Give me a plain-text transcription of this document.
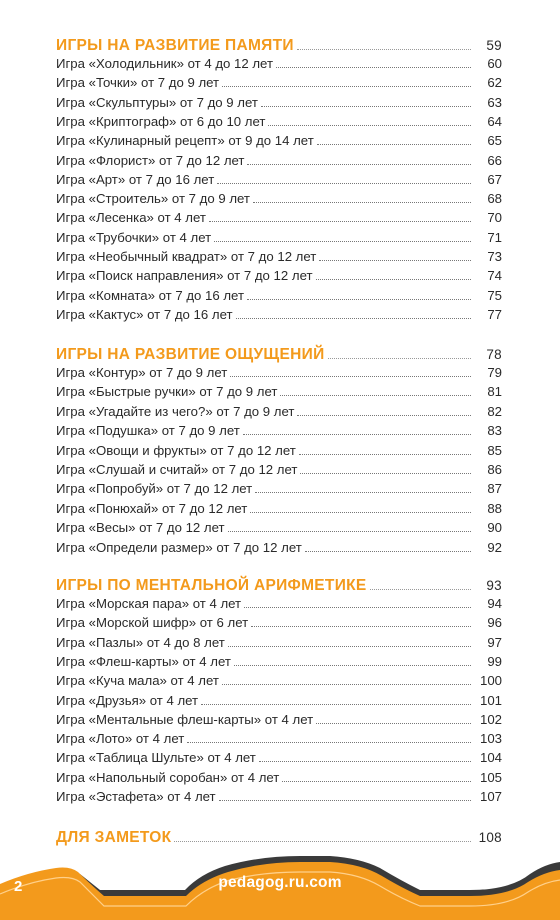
ИГРЫ НА РАЗВИТИЕ ПАМЯТИ	59
Игра «Холодильник» от 4 до 12 лет	60
Игра «Точки» от 7 до 9 лет	62
Игра «Скульптуры» от 7 до 9 лет	63
Игра «Криптограф» от 6 до 10 лет	64
Игра «Кулинарный рецепт» от 9 до 14 лет	65
Игра «Флорист» от 7 до 12 лет	66
Игра «Арт» от 7 до 16 лет	67
Игра «Строитель» от 7 до 9 лет	68
Игра «Лесенка» от 4 лет	70
Игра «Трубочки» от 4 лет	71
Игра «Необычный квадрат» от 7 до 12 лет	73
Игра «Поиск направления» от 7 до 12 лет	74
Игра «Комната» от 7 до 16 лет	75
Игра «Кактус» от 7 до 16 лет	77
ИГРЫ НА РАЗВИТИЕ ОЩУЩЕНИЙ	78
Игра «Контур» от 7 до 9 лет	79
Игра «Быстрые ручки» от 7 до 9 лет	81
Игра «Угадайте из чего?» от 7 до 9 лет	82
Игра «Подушка» от 7 до 9 лет	83
Игра «Овощи и фрукты» от 7 до 12 лет	85
Игра «Слушай и считай» от 7 до 12 лет	86
Игра «Попробуй» от 7 до 12 лет	87
Игра «Понюхай» от 7 до 12 лет	88
Игра «Весы» от 7 до 12 лет	90
Игра «Определи размер» от 7 до 12 лет	92
ИГРЫ ПО МЕНТАЛЬНОЙ АРИФМЕТИКЕ	93
Игра «Морская пара» от 4 лет	94
Игра «Морской шифр» от 6 лет	96
Игра «Пазлы» от 4 до 8 лет	97
Игра «Флеш-карты» от 4 лет	99
Игра «Куча мала» от 4 лет	100
Игра «Друзья» от 4 лет	101
Игра «Ментальные флеш-карты» от 4 лет	102
Игра «Лото» от 4 лет	103
Игра «Таблица Шульте» от 4 лет	104
Игра «Напольный соробан» от 4 лет	105
Игра «Эстафета» от 4 лет	107
ДЛЯ ЗАМЕТОК	108
2	pedagog.ru.com
